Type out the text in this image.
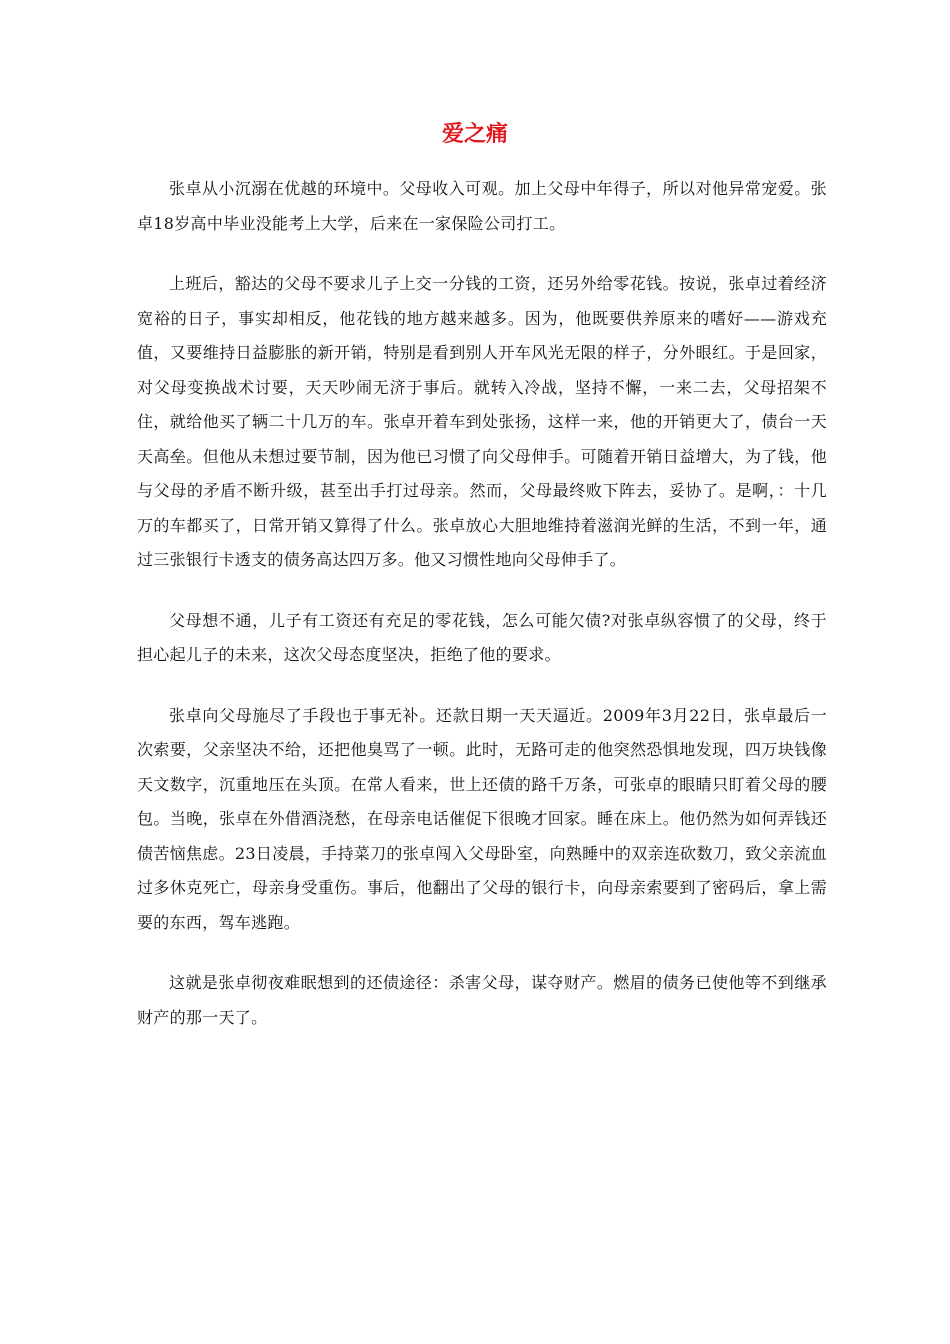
爱之痛

张卓从小沉溺在优越的环境中。父母收入可观。加上父母中年得子，所以对他异常宠爱。张卓18岁高中毕业没能考上大学，后来在一家保险公司打工。

上班后，豁达的父母不要求儿子上交一分钱的工资，还另外给零花钱。按说，张卓过着经济宽裕的日子，事实却相反，他花钱的地方越来越多。因为，他既要供养原来的嗜好——游戏充值，又要维持日益膨胀的新开销，特别是看到别人开车风光无限的样子，分外眼红。于是回家，对父母变换战术讨要，天天吵闹无济于事后。就转入冷战，坚持不懈，一来二去，父母招架不住，就给他买了辆二十几万的车。张卓开着车到处张扬，这样一来，他的开销更大了，债台一天天高垒。但他从未想过要节制，因为他已习惯了向父母伸手。可随着开销日益增大，为了钱，他与父母的矛盾不断升级，甚至出手打过母亲。然而，父母最终败下阵去，妥协了。是啊，：十几万的车都买了，日常开销又算得了什么。张卓放心大胆地维持着滋润光鲜的生活，不到一年，通过三张银行卡透支的债务高达四万多。他又习惯性地向父母伸手了。

父母想不通，儿子有工资还有充足的零花钱，怎么可能欠债?对张卓纵容惯了的父母，终于担心起儿子的未来，这次父母态度坚决，拒绝了他的要求。

张卓向父母施尽了手段也于事无补。还款日期一天天逼近。2009年3月22日，张卓最后一次索要，父亲坚决不给，还把他臭骂了一顿。此时，无路可走的他突然恐惧地发现，四万块钱像天文数字，沉重地压在头顶。在常人看来，世上还债的路千万条，可张卓的眼睛只盯着父母的腰包。当晚，张卓在外借酒浇愁，在母亲电话催促下很晚才回家。睡在床上。他仍然为如何弄钱还债苦恼焦虑。23日凌晨，手持菜刀的张卓闯入父母卧室，向熟睡中的双亲连砍数刀，致父亲流血过多休克死亡，母亲身受重伤。事后，他翻出了父母的银行卡，向母亲索要到了密码后，拿上需要的东西，驾车逃跑。

这就是张卓彻夜难眠想到的还债途径：杀害父母，谋夺财产。燃眉的债务已使他等不到继承财产的那一天了。
